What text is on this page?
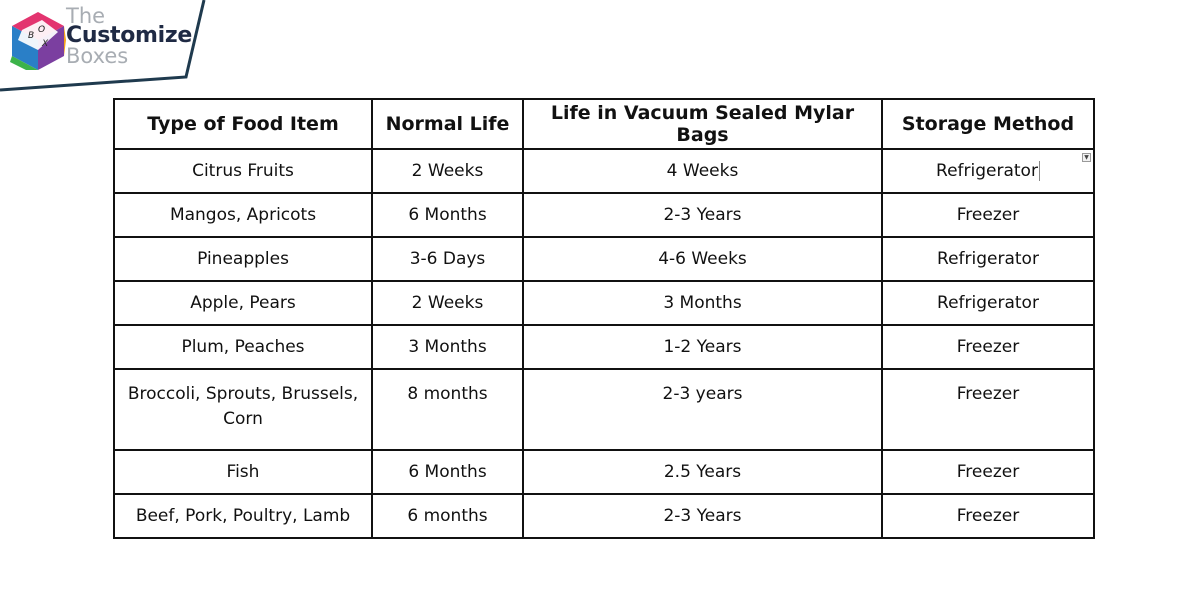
B
O
X
The
Customize
Boxes
Type of Food Item	Normal Life	Life in Vacuum Sealed Mylar Bags	Storage Method
Citrus Fruits	2 Weeks	4 Weeks	Refrigerator
▼

Mangos, Apricots	6 Months	2-3 Years	Freezer
Pineapples	3-6 Days	4-6 Weeks	Refrigerator
Apple, Pears	2 Weeks	3 Months	Refrigerator
Plum, Peaches	3 Months	1-2 Years	Freezer
Broccoli, Sprouts, Brussels, Corn	8 months	2-3 years	Freezer
Fish	6 Months	2.5 Years	Freezer
Beef, Pork, Poultry, Lamb	6 months	2-3 Years	Freezer
